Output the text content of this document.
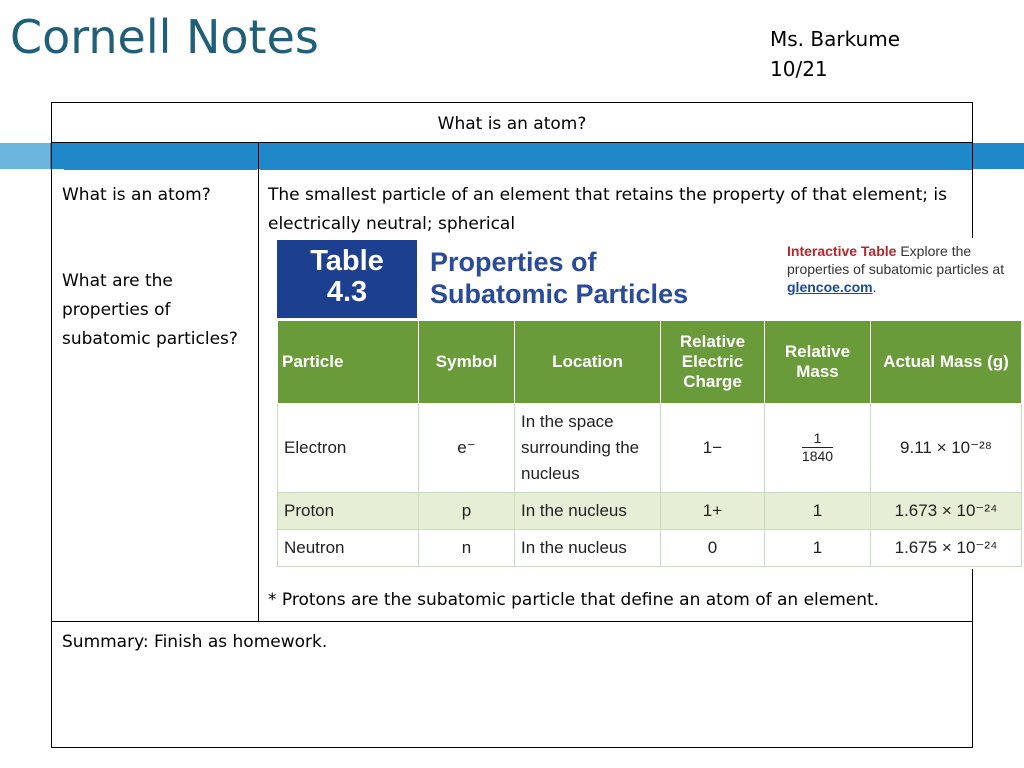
Cornell Notes	Ms. Barkume
10/21
What is an atom?

What is an atom?

What are the properties of subatomic particles?

The smallest particle of an element that retains the property of that element; is electrically neutral; spherical
* Protons are the subatomic particle that define an atom of an element.
Summary: Finish as homework.
Table
4.3
Properties of
Subatomic Particles
Interactive Table Explore the properties of subatomic particles at glencoe.com.
Particle	Symbol	Location	Relative Electric Charge	Relative Mass	Actual Mass (g)
Electron	e⁻	In the space surrounding the nucleus	1−	$\frac{1}{1840}$	9.11 × 10⁻²⁸
Proton	p	In the nucleus	1+	1	1.673 × 10⁻²⁴
Neutron	n	In the nucleus	0	1	1.675 × 10⁻²⁴
